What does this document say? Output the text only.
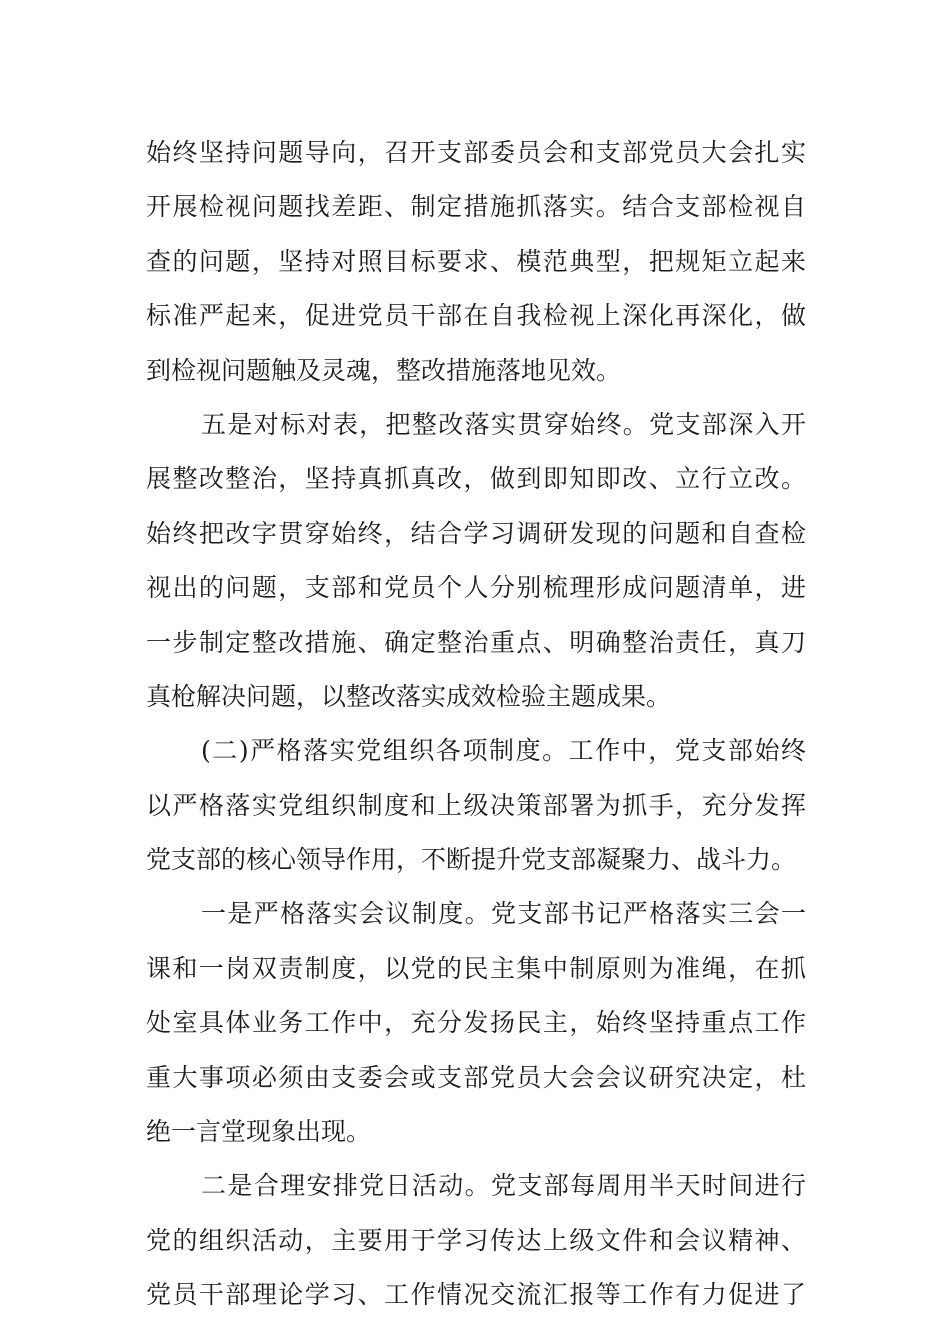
始终坚持问题导向，召开支部委员会和支部党员大会扎实
开展检视问题找差距、制定措施抓落实。结合支部检视自
查的问题，坚持对照目标要求、模范典型，把规矩立起来
标准严起来，促进党员干部在自我检视上深化再深化，做
到检视问题触及灵魂，整改措施落地见效。
五是对标对表，把整改落实贯穿始终。党支部深入开
展整改整治，坚持真抓真改，做到即知即改、立行立改。
始终把改字贯穿始终，结合学习调研发现的问题和自查检
视出的问题，支部和党员个人分别梳理形成问题清单，进
一步制定整改措施、确定整治重点、明确整治责任，真刀
真枪解决问题，以整改落实成效检验主题成果。
(二)严格落实党组织各项制度。工作中，党支部始终
以严格落实党组织制度和上级决策部署为抓手，充分发挥
党支部的核心领导作用，不断提升党支部凝聚力、战斗力。
一是严格落实会议制度。党支部书记严格落实三会一
课和一岗双责制度，以党的民主集中制原则为准绳，在抓
处室具体业务工作中，充分发扬民主，始终坚持重点工作
重大事项必须由支委会或支部党员大会会议研究决定，杜
绝一言堂现象出现。
二是合理安排党日活动。党支部每周用半天时间进行
党的组织活动，主要用于学习传达上级文件和会议精神、
党员干部理论学习、工作情况交流汇报等工作有力促进了
